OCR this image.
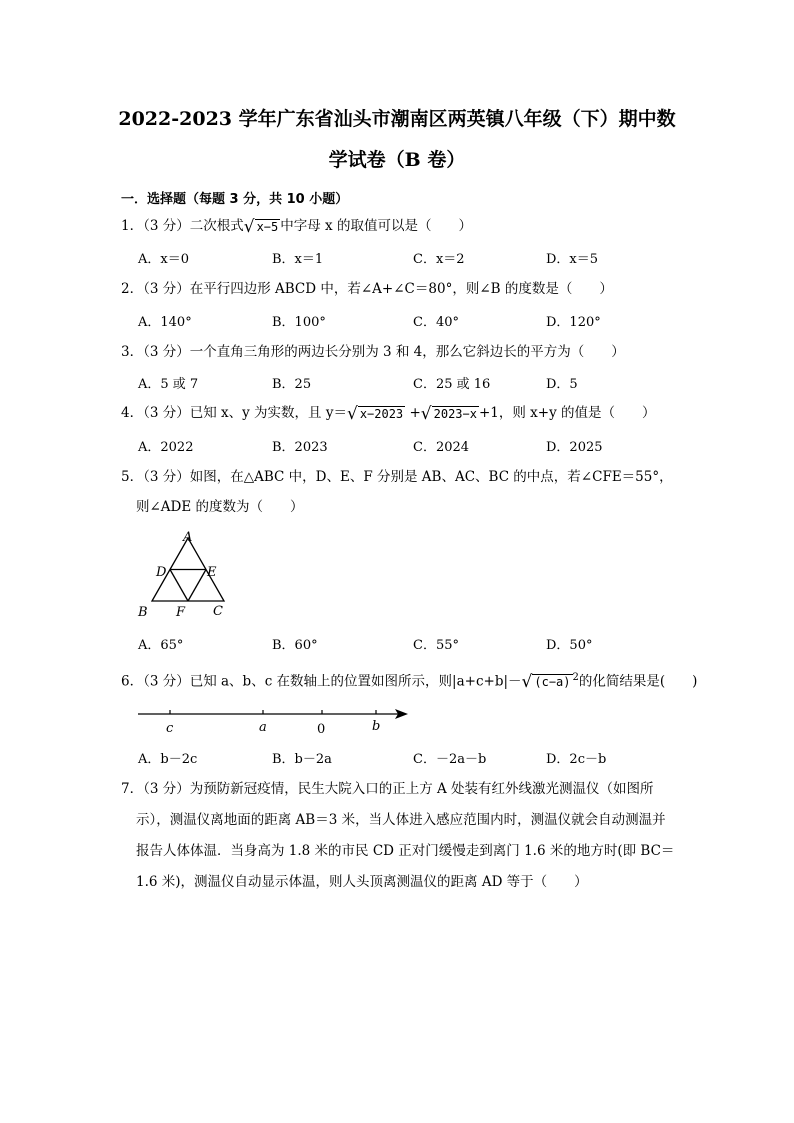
2022-2023 学年广东省汕头市潮南区两英镇八年级（下）期中数
学试卷（B 卷）
一．选择题（每题 3 分，共 10 小题）
1．（3 分）二次根式√ x−5 中字母 x 的取值可以是（　　）
A．x＝0	B．x＝1	C．x＝2	D．x＝5
2．（3 分）在平行四边形 ABCD 中，若∠A+∠C＝80°，则∠B 的度数是（　　）
A．140°	B．100°	C．40°	D．120°
3．（3 分）一个直角三角形的两边长分别为 3 和 4，那么它斜边长的平方为（　　）
A．5 或 7	B．25	C．25 或 16	D．5
4．（3 分）已知 x、y 为实数，且 y＝√ x−2023 +√ 2023−x +1，则 x+y 的值是（　　）
A．2022	B．2023	C．2024	D．2025
5．（3 分）如图，在△ABC 中，D、E、F 分别是 AB、AC、BC 的中点，若∠CFE＝55°，
则∠ADE 的度数为（　　）
A
D	E
B F C
A．65°	B．60°	C．55°	D．50°
6．（3 分）已知 a、b、c 在数轴上的位置如图所示，则|a+c+b|－√ (c−a) $^2$的化简结果是(　　)
c	a	0	b
A．b－2c	B．b－2a	C．－2a－b	D．2c－b
7．（3 分）为预防新冠疫情，民生大院入口的正上方 A 处装有红外线激光测温仪（如图所
示），测温仪离地面的距离 AB＝3 米，当人体进入感应范围内时，测温仪就会自动测温并
报告人体体温．当身高为 1.8 米的市民 CD 正对门缓慢走到离门 1.6 米的地方时(即 BC＝
1.6 米)，测温仪自动显示体温，则人头顶离测温仪的距离 AD 等于（　　）
